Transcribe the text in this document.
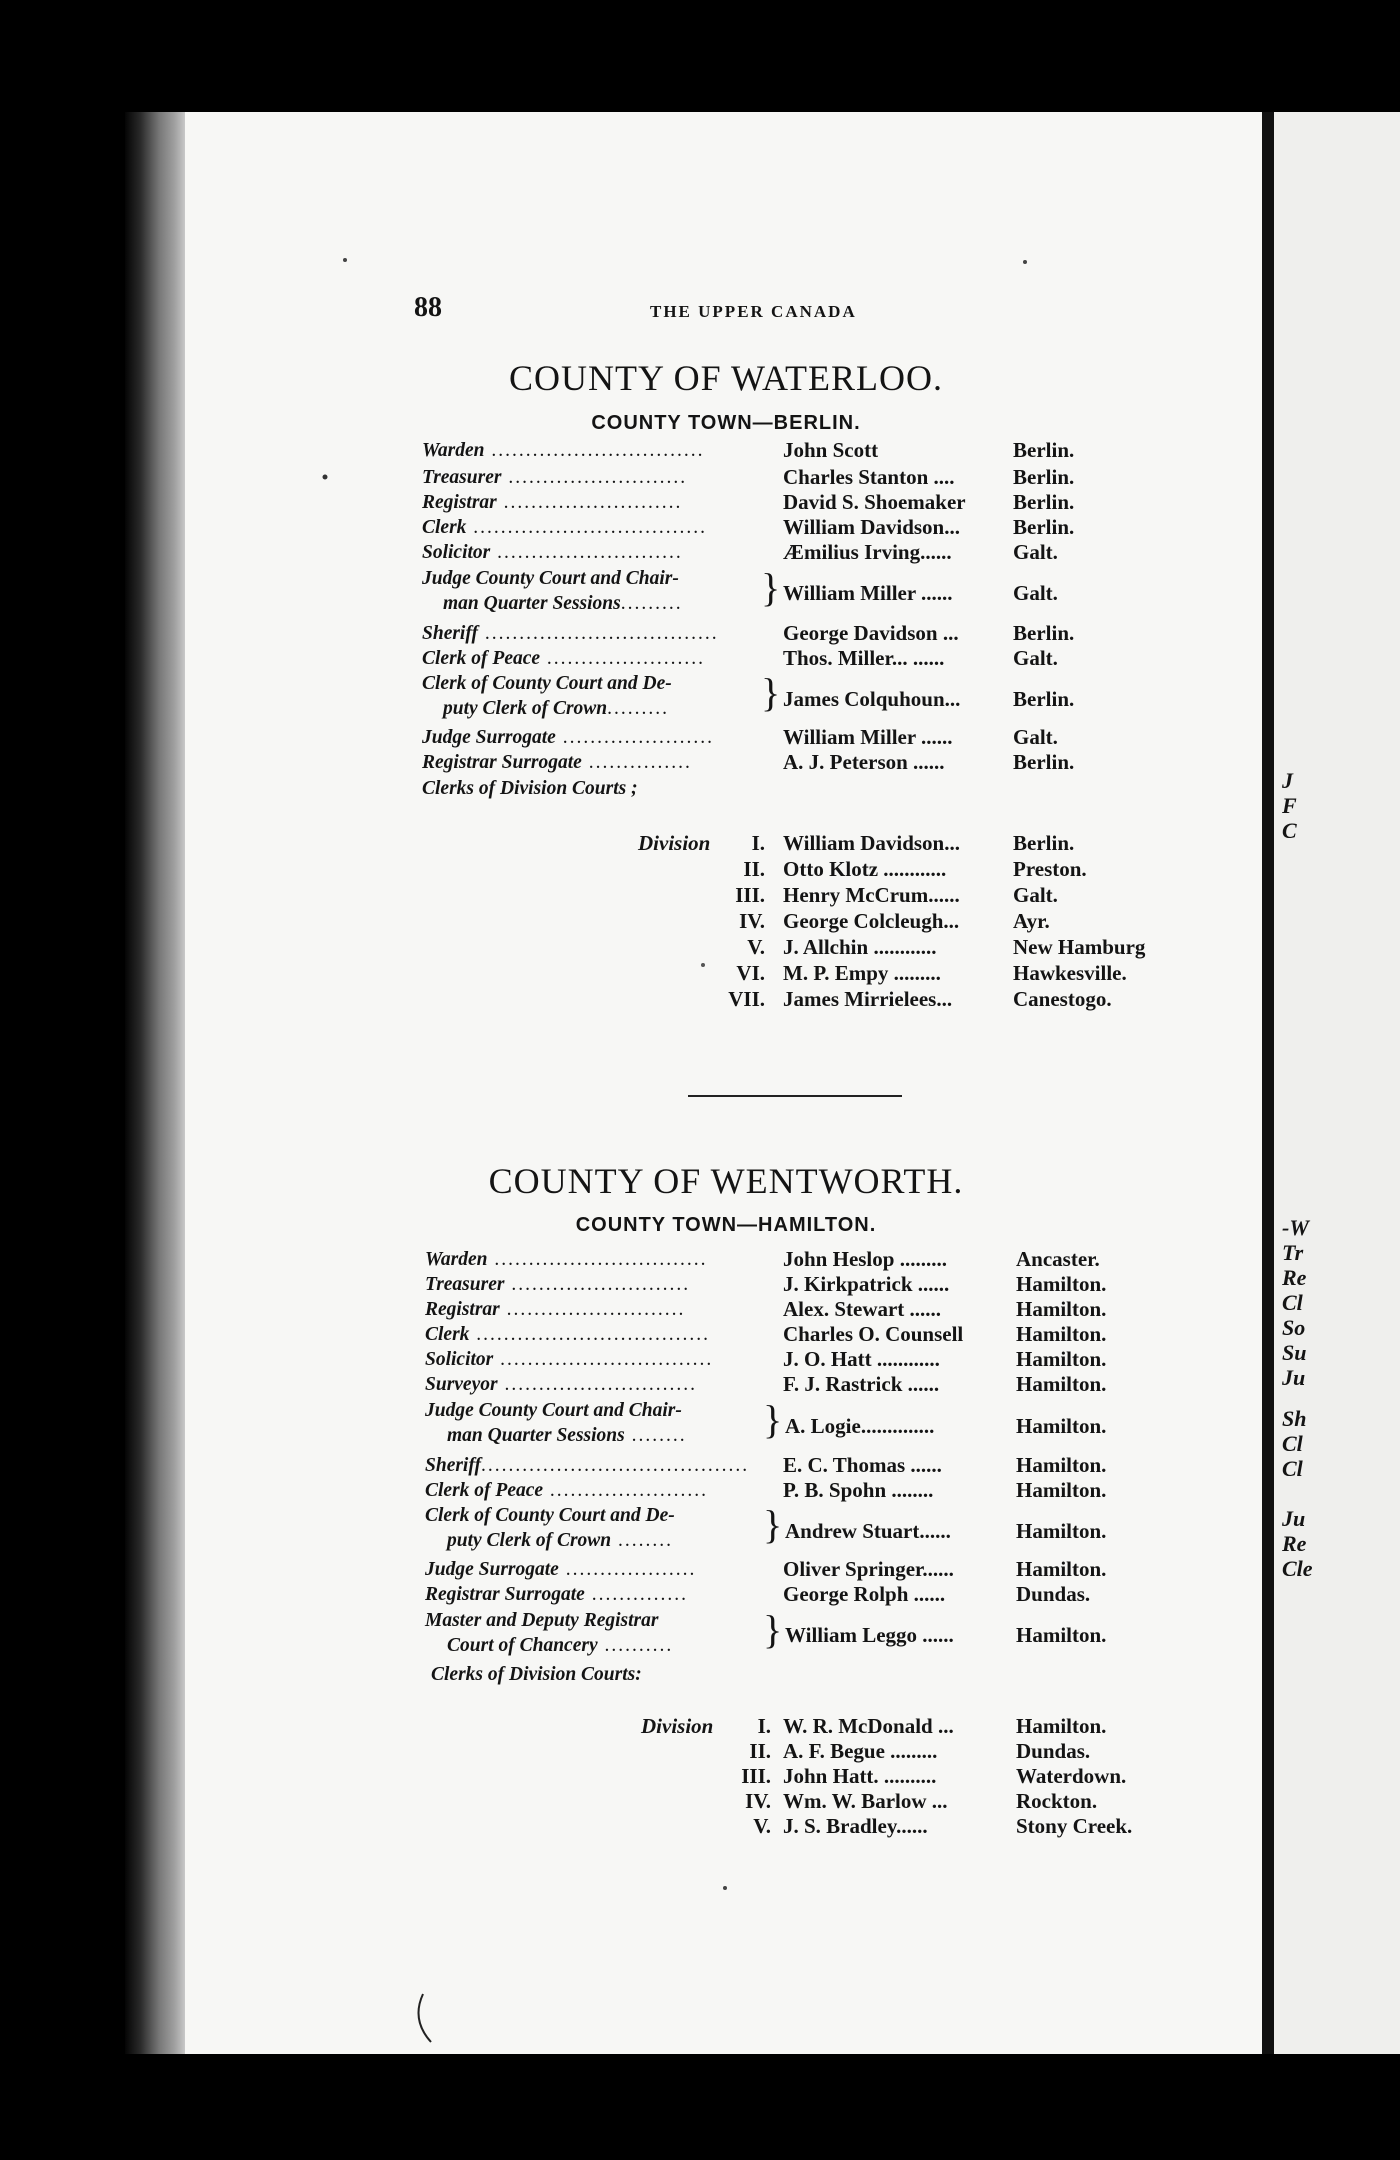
88	THE UPPER CANADA
COUNTY OF WATERLOO.
COUNTY TOWN—BERLIN.
Warden ...............................	John Scott	Berlin.
Treasurer ..........................	Charles Stanton ....	Berlin.
Registrar ..........................	David S. Shoemaker Berlin.
Clerk ..................................	William Davidson...	Berlin.
Solicitor ...........................	Æmilius Irving......	Galt.
Judge County Court and Chair-
man Quarter Sessions......... } William Miller ......	Galt.
Sheriff ..................................	George Davidson ...	Berlin.
Clerk of Peace .......................	Thos. Miller... ......	Galt.
Clerk of County Court and De-
puty Clerk of Crown......... } James Colquhoun...	Berlin.
Judge Surrogate ......................	William Miller ......	Galt.
Registrar Surrogate ...............	A. J. Peterson ......	Berlin.
Clerks of Division Courts ;
Division	I. William Davidson...	Berlin.
II. Otto Klotz ............	Preston.
III. Henry McCrum......	Galt.
IV. George Colcleugh...	Ayr.
V. J. Allchin ............	New Hamburg
VI. M. P. Empy .........	Hawkesville.
VII. James Mirrielees...	Canestogo.
COUNTY OF WENTWORTH.
COUNTY TOWN—HAMILTON.
Warden ...............................	John Heslop .........	Ancaster.
Treasurer ..........................	J. Kirkpatrick ......	Hamilton.
Registrar ..........................	Alex. Stewart ......	Hamilton.
Clerk ..................................	Charles O. Counsell	Hamilton.
Solicitor ...............................	J. O. Hatt ............	Hamilton.
Surveyor ............................	F. J. Rastrick ......	Hamilton.
Judge County Court and Chair-
man Quarter Sessions ........ } A. Logie..............	Hamilton.
Sheriff....................................... E. C. Thomas ......	Hamilton.
Clerk of Peace .......................	P. B. Spohn ........	Hamilton.
Clerk of County Court and De-
puty Clerk of Crown ........ } Andrew Stuart......	Hamilton.
Judge Surrogate ...................	Oliver Springer......	Hamilton.
Registrar Surrogate ..............	George Rolph ......	Dundas.
Master and Deputy Registrar
Court of Chancery .......... } William Leggo ......	Hamilton.
Clerks of Division Courts:
Division	I. W. R. McDonald ...	Hamilton.
II. A. F. Begue .........	Dundas.
III. John Hatt. ..........	Waterdown.
IV. Wm. W. Barlow ...	Rockton.
V. J. S. Bradley......	Stony Creek.
J
F
C
-W
Tr
Re
Cl
So
Su
Ju
Sh
Cl
Cl
Ju
Re
Cle
